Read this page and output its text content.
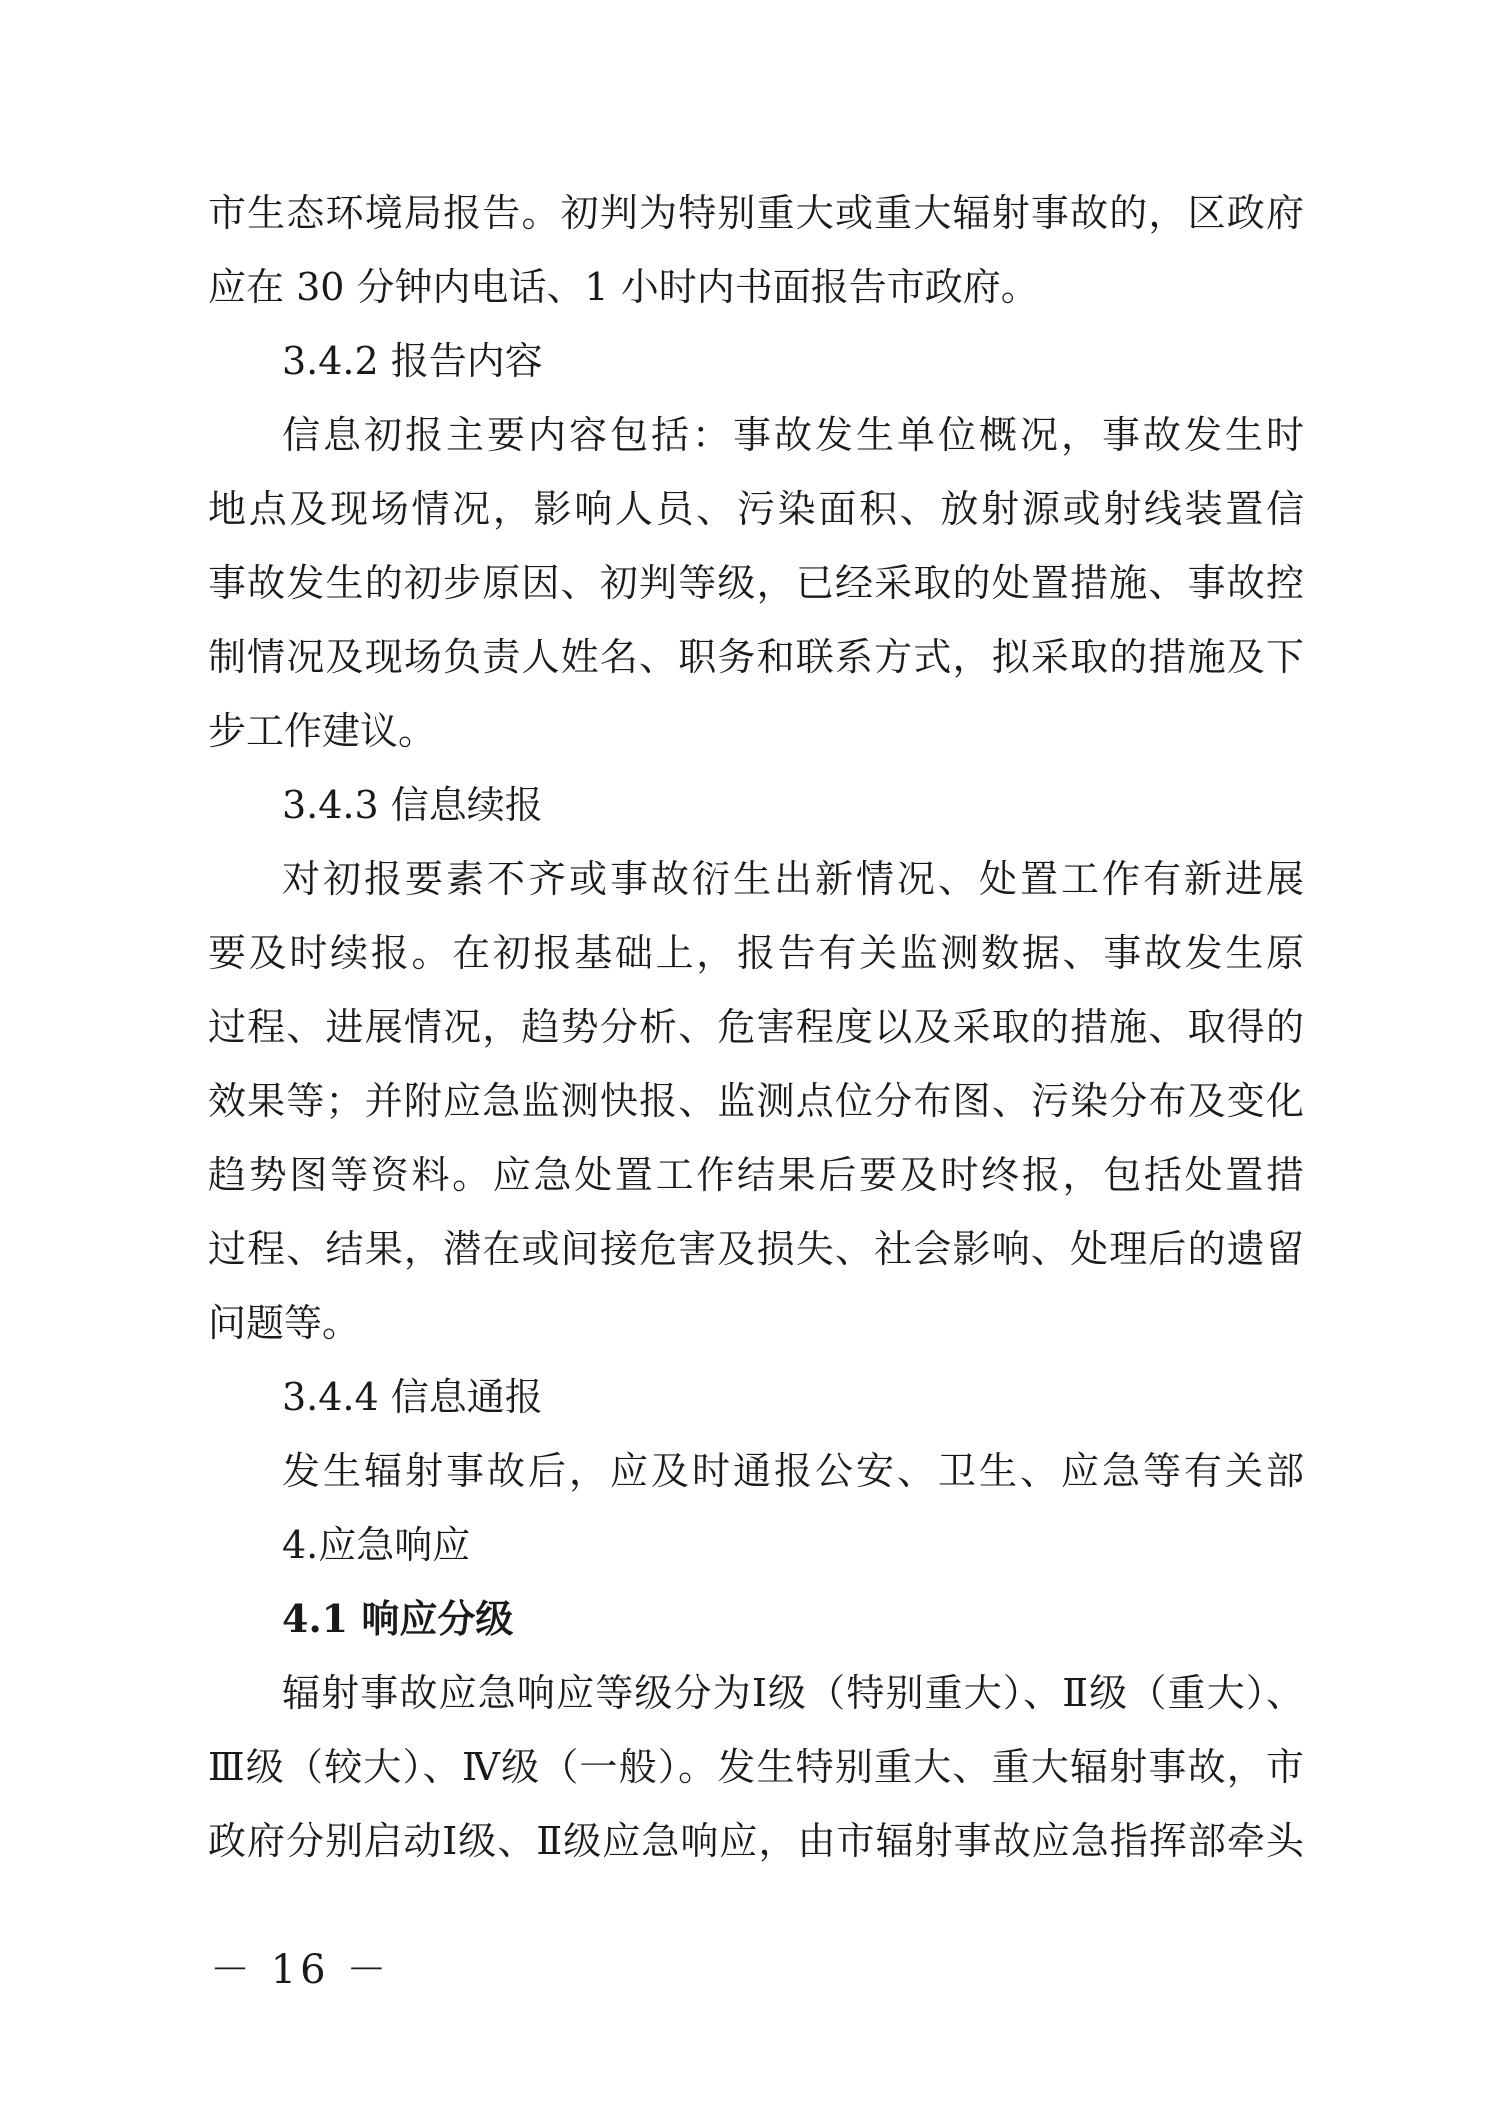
市生态环境局报告。初判为特别重大或重大辐射事故的，区政府
应在 30 分钟内电话、1 小时内书面报告市政府。
3.4.2 报告内容
信息初报主要内容包括：事故发生单位概况，事故发生时
地点及现场情况，影响人员、污染面积、放射源或射线装置信
事故发生的初步原因、初判等级，已经采取的处置措施、事故控
制情况及现场负责人姓名、职务和联系方式，拟采取的措施及下
步工作建议。
3.4.3 信息续报
对初报要素不齐或事故衍生出新情况、处置工作有新进展
要及时续报。在初报基础上，报告有关监测数据、事故发生原
过程、进展情况，趋势分析、危害程度以及采取的措施、取得的
效果等；并附应急监测快报、监测点位分布图、污染分布及变化
趋势图等资料。应急处置工作结果后要及时终报，包括处置措
过程、结果，潜在或间接危害及损失、社会影响、处理后的遗留
问题等。
3.4.4 信息通报
发生辐射事故后，应及时通报公安、卫生、应急等有关部
4.应急响应
4.1 响应分级
辐射事故应急响应等级分为Ⅰ级（特别重大）、Ⅱ级（重大）、
Ⅲ级（较大）、Ⅳ级（一般）。发生特别重大、重大辐射事故，市
政府分别启动Ⅰ级、Ⅱ级应急响应，由市辐射事故应急指挥部牵头
－ 16 －
